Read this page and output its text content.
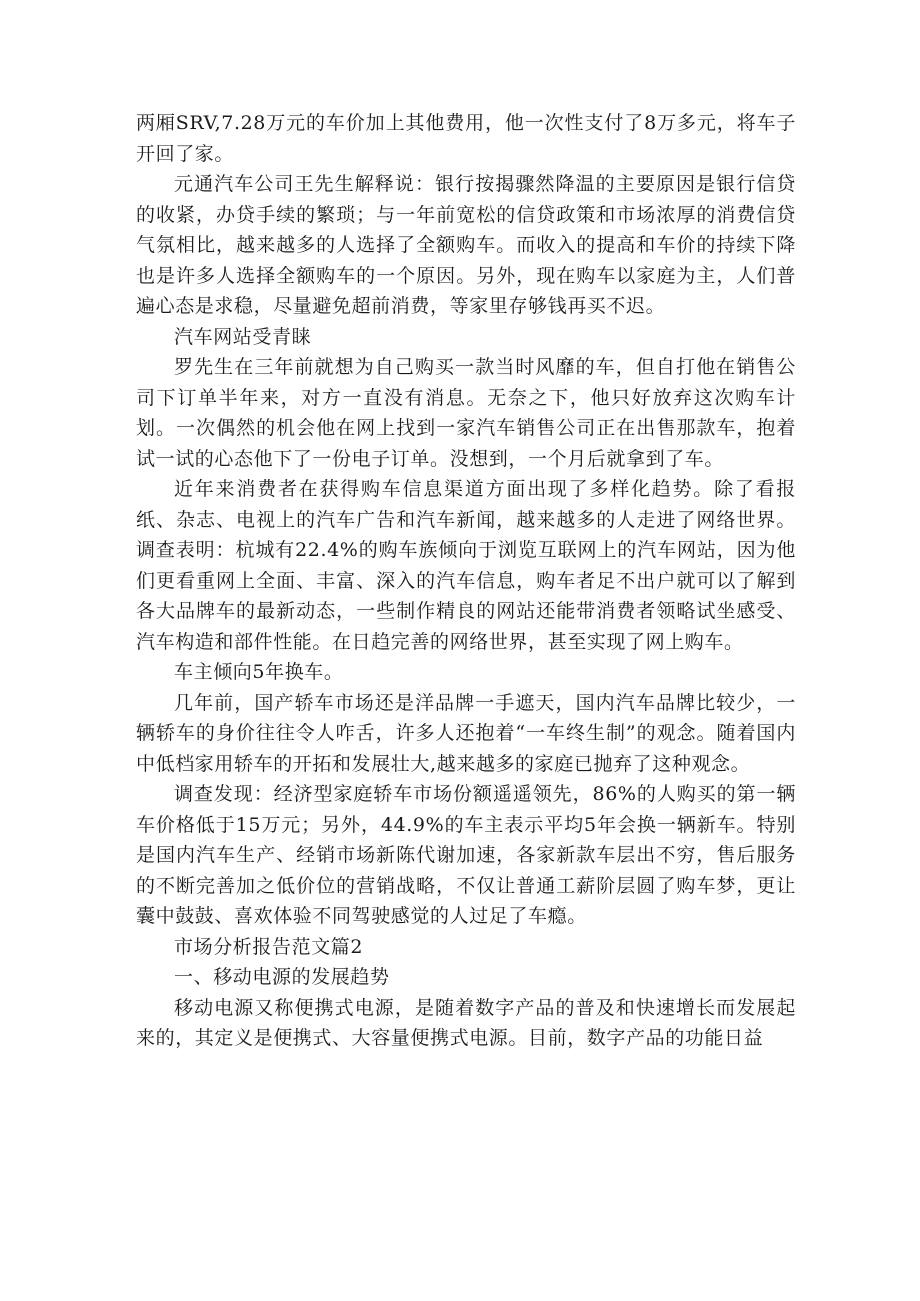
两厢SRV,7.28万元的车价加上其他费用，他一次性支付了8万多元，将车子开回了家。

元通汽车公司王先生解释说：银行按揭骤然降温的主要原因是银行信贷的收紧，办贷手续的繁琐；与一年前宽松的信贷政策和市场浓厚的消费信贷气氛相比，越来越多的人选择了全额购车。而收入的提高和车价的持续下降也是许多人选择全额购车的一个原因。另外，现在购车以家庭为主，人们普遍心态是求稳，尽量避免超前消费，等家里存够钱再买不迟。

汽车网站受青睐

罗先生在三年前就想为自己购买一款当时风靡的车，但自打他在销售公司下订单半年来，对方一直没有消息。无奈之下，他只好放弃这次购车计划。一次偶然的机会他在网上找到一家汽车销售公司正在出售那款车，抱着试一试的心态他下了一份电子订单。没想到，一个月后就拿到了车。

近年来消费者在获得购车信息渠道方面出现了多样化趋势。除了看报纸、杂志、电视上的汽车广告和汽车新闻，越来越多的人走进了网络世界。调查表明：杭城有22.4%的购车族倾向于浏览互联网上的汽车网站，因为他们更看重网上全面、丰富、深入的汽车信息，购车者足不出户就可以了解到各大品牌车的最新动态，一些制作精良的网站还能带消费者领略试坐感受、汽车构造和部件性能。在日趋完善的网络世界，甚至实现了网上购车。

车主倾向5年换车。

几年前，国产轿车市场还是洋品牌一手遮天，国内汽车品牌比较少，一辆轿车的身价往往令人咋舌，许多人还抱着“一车终生制”的观念。随着国内中低档家用轿车的开拓和发展壮大,越来越多的家庭已抛弃了这种观念。

调查发现：经济型家庭轿车市场份额遥遥领先，86%的人购买的第一辆车价格低于15万元；另外，44.9%的车主表示平均5年会换一辆新车。特别是国内汽车生产、经销市场新陈代谢加速，各家新款车层出不穷，售后服务的不断完善加之低价位的营销战略，不仅让普通工薪阶层圆了购车梦，更让囊中鼓鼓、喜欢体验不同驾驶感觉的人过足了车瘾。

市场分析报告范文篇2

一、移动电源的发展趋势

移动电源又称便携式电源，是随着数字产品的普及和快速增长而发展起来的，其定义是便携式、大容量便携式电源。目前，数字产品的功能日益
